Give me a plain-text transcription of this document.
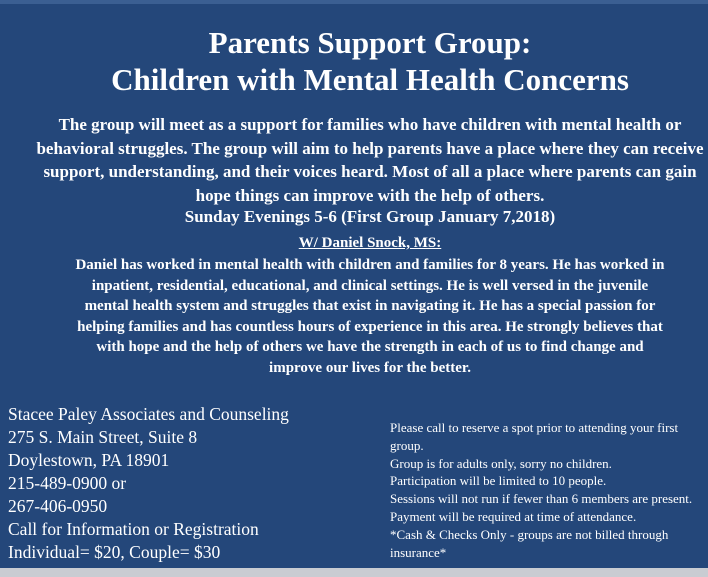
Parents Support Group:
Children with Mental Health Concerns

The group will meet as a support for families who have children with mental health or behavioral struggles. The group will aim to help parents have a place where they can receive support, understanding, and their voices heard. Most of all a place where parents can gain hope things can improve with the help of others.

Sunday Evenings 5-6 (First Group January 7,2018)

W/ Daniel Snock, MS:

Daniel has worked in mental health with children and families for 8 years. He has worked in inpatient, residential, educational, and clinical settings. He is well versed in the juvenile mental health system and struggles that exist in navigating it. He has a special passion for helping families and has countless hours of experience in this area. He strongly believes that with hope and the help of others we have the strength in each of us to find change and improve our lives for the better.

Stacee Paley Associates and Counseling
275 S. Main Street, Suite 8
Doylestown, PA 18901
215-489-0900 or
267-406-0950
Call for Information or Registration
Individual= $20, Couple= $30
Please call to reserve a spot prior to attending your first group.
Group is for adults only, sorry no children.
Participation will be limited to 10 people.
Sessions will not run if fewer than 6 members are present.
Payment will be required at time of attendance.
*Cash & Checks Only - groups are not billed through insurance*
